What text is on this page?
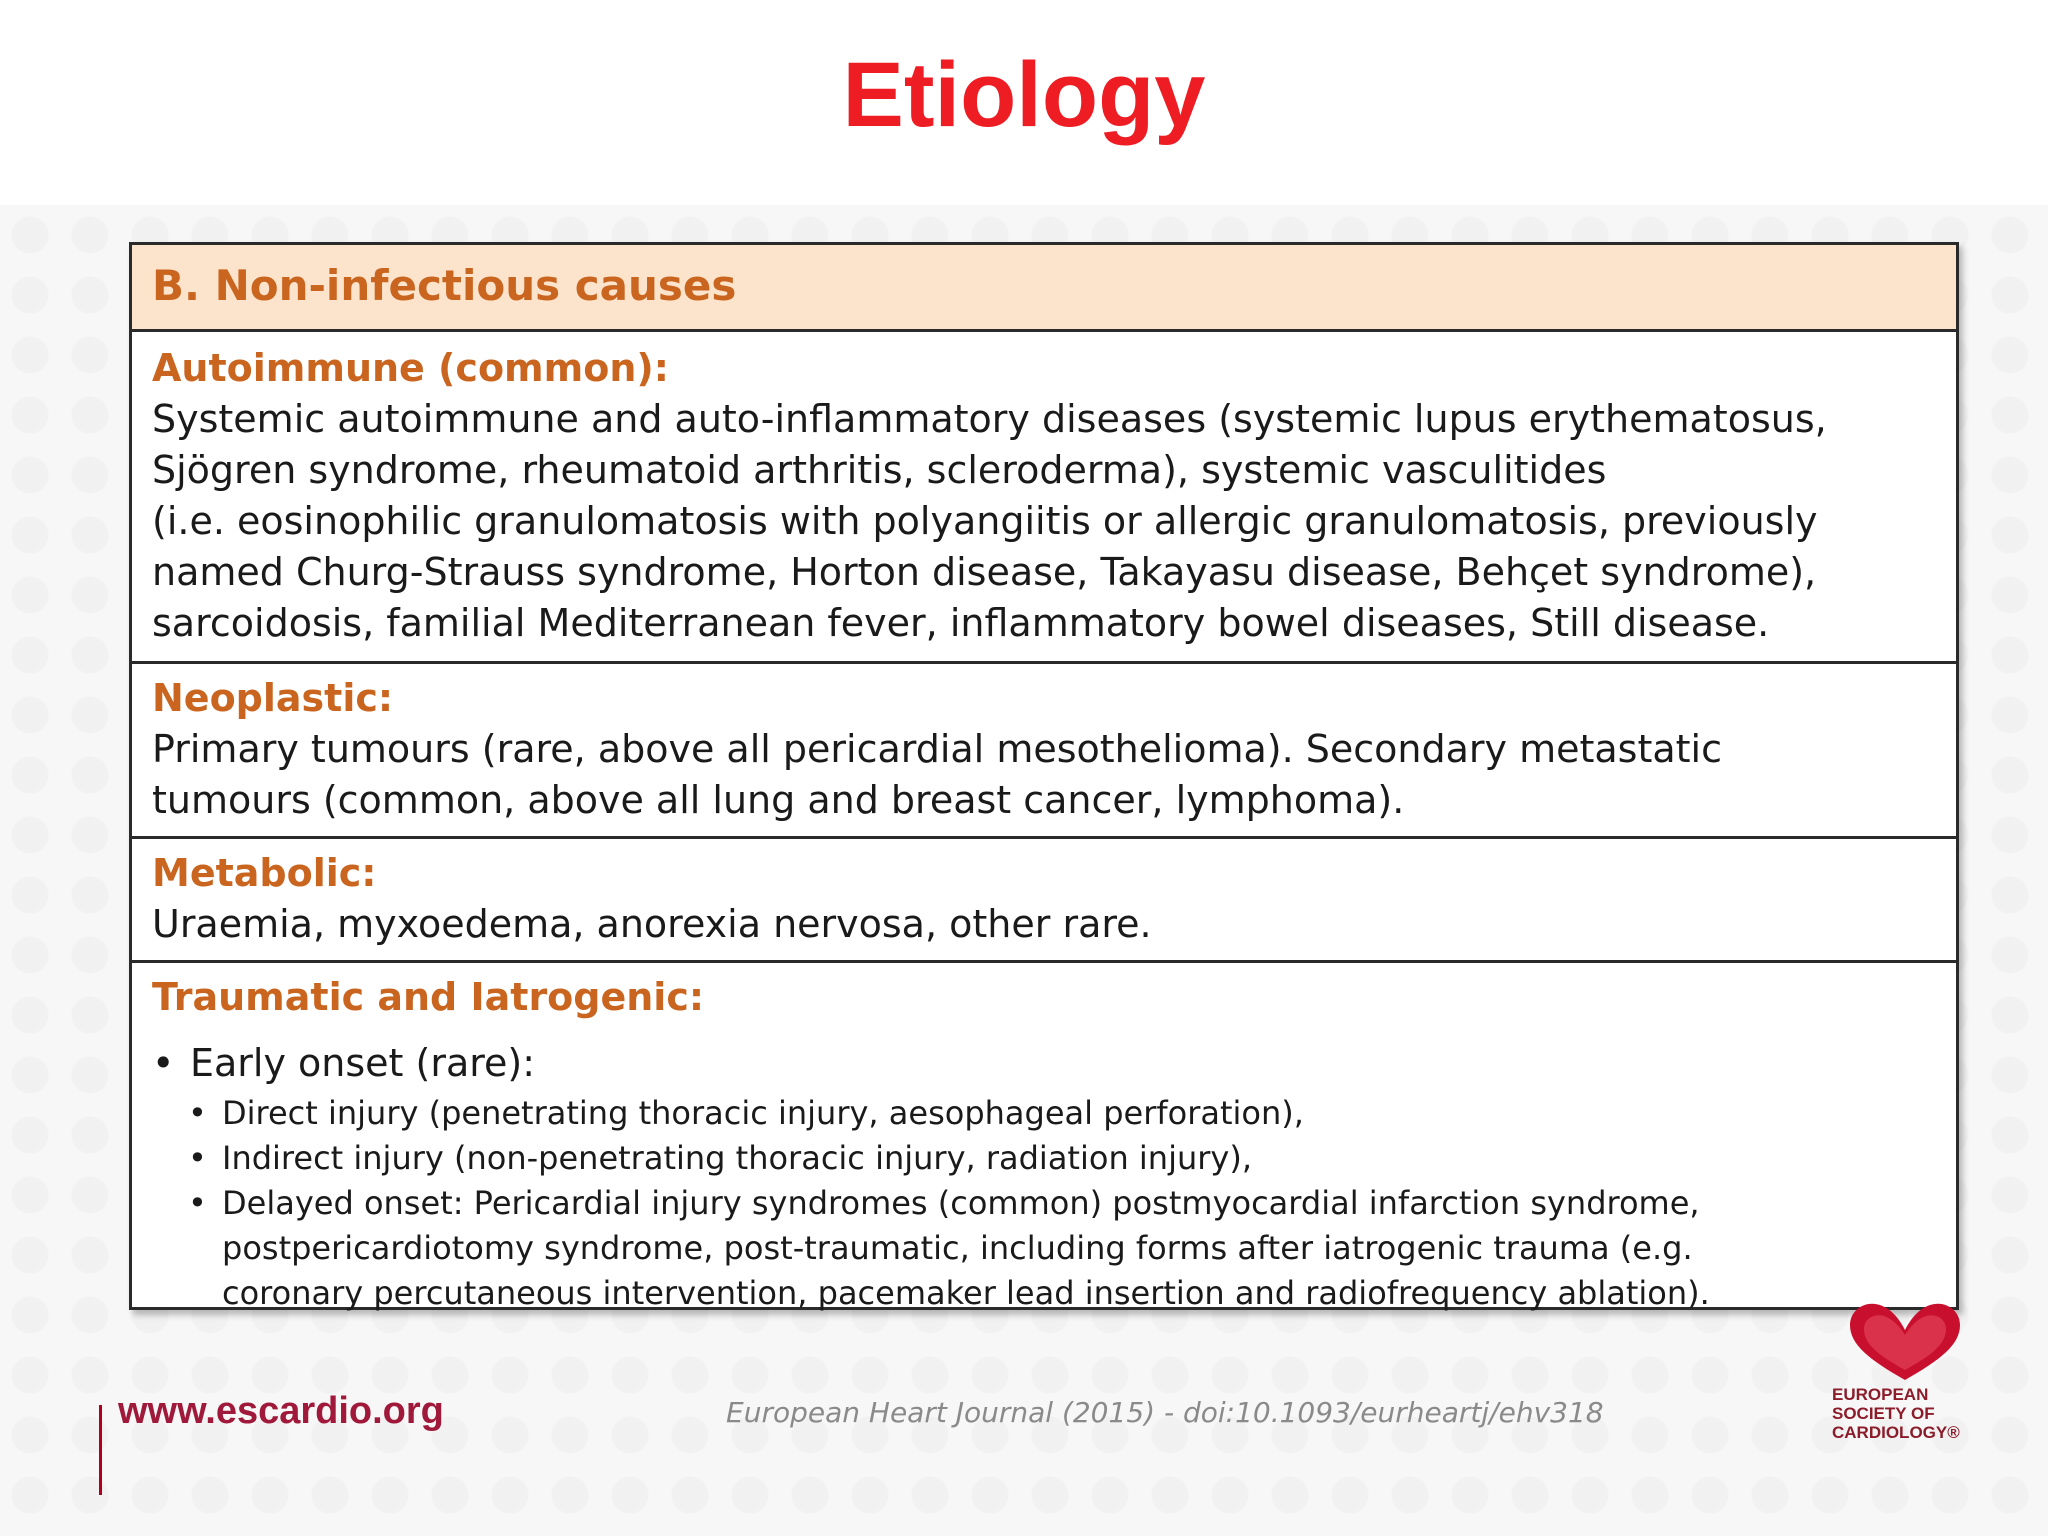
Etiology
B. Non-infectious causes
Autoimmune (common):
Systemic autoimmune and auto-inflammatory diseases (systemic lupus erythematosus,
Sjögren syndrome, rheumatoid arthritis, scleroderma), systemic vasculitides
(i.e. eosinophilic granulomatosis with polyangiitis or allergic granulomatosis, previously
named Churg-Strauss syndrome, Horton disease, Takayasu disease, Behçet syndrome),
sarcoidosis, familial Mediterranean fever, inflammatory bowel diseases, Still disease.
Neoplastic:
Primary tumours (rare, above all pericardial mesothelioma). Secondary metastatic
tumours (common, above all lung and breast cancer, lymphoma).
Metabolic:
Uraemia, myxoedema, anorexia nervosa, other rare.
Traumatic and Iatrogenic:
• Early onset (rare):
• Direct injury (penetrating thoracic injury, aesophageal perforation),
• Indirect injury (non-penetrating thoracic injury, radiation injury),
• Delayed onset: Pericardial injury syndromes (common) postmyocardial infarction syndrome,
postpericardiotomy syndrome, post-traumatic, including forms after iatrogenic trauma (e.g.
coronary percutaneous intervention, pacemaker lead insertion and radiofrequency ablation).
www.escardio.org	European Heart Journal (2015) - doi:10.1093/eurheartj/ehv318
EUROPEAN
SOCIETY OF
CARDIOLOGY®
